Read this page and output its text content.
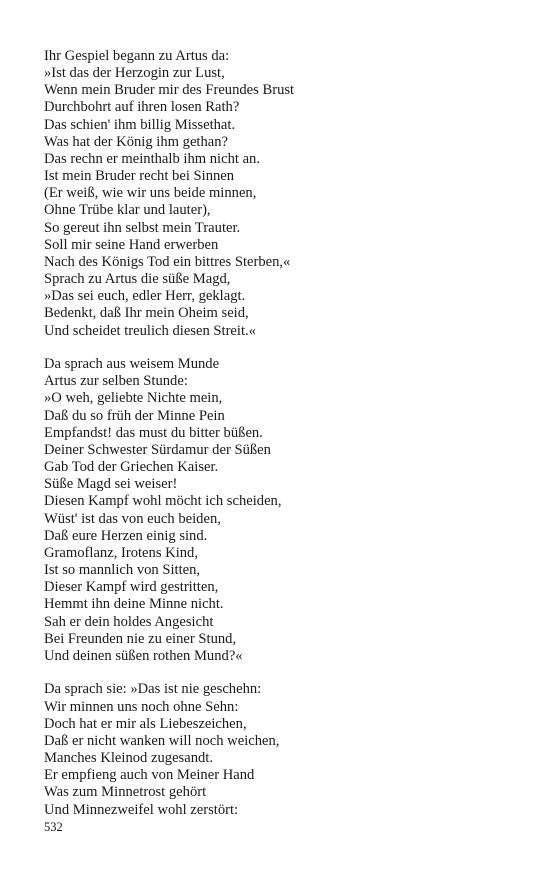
Ihr Gespiel begann zu Artus da:
»Ist das der Herzogin zur Lust,
Wenn mein Bruder mir des Freundes Brust
Durchbohrt auf ihren losen Rath?
Das schien' ihm billig Missethat.
Was hat der König ihm gethan?
Das rechn er meinthalb ihm nicht an.
Ist mein Bruder recht bei Sinnen
(Er weiß, wie wir uns beide minnen,
Ohne Trübe klar und lauter),
So gereut ihn selbst mein Trauter.
Soll mir seine Hand erwerben
Nach des Königs Tod ein bittres Sterben,«
Sprach zu Artus die süße Magd,
»Das sei euch, edler Herr, geklagt.
Bedenkt, daß Ihr mein Oheim seid,
Und scheidet treulich diesen Streit.«
Da sprach aus weisem Munde
Artus zur selben Stunde:
»O weh, geliebte Nichte mein,
Daß du so früh der Minne Pein
Empfandst! das must du bitter büßen.
Deiner Schwester Sürdamur der Süßen
Gab Tod der Griechen Kaiser.
Süße Magd sei weiser!
Diesen Kampf wohl möcht ich scheiden,
Wüst' ist das von euch beiden,
Daß eure Herzen einig sind.
Gramoflanz, Irotens Kind,
Ist so mannlich von Sitten,
Dieser Kampf wird gestritten,
Hemmt ihn deine Minne nicht.
Sah er dein holdes Angesicht
Bei Freunden nie zu einer Stund,
Und deinen süßen rothen Mund?«
Da sprach sie: »Das ist nie geschehn:
Wir minnen uns noch ohne Sehn:
Doch hat er mir als Liebeszeichen,
Daß er nicht wanken will noch weichen,
Manches Kleinod zugesandt.
Er empfieng auch von Meiner Hand
Was zum Minnetrost gehört
Und Minnezweifel wohl zerstört:
532
